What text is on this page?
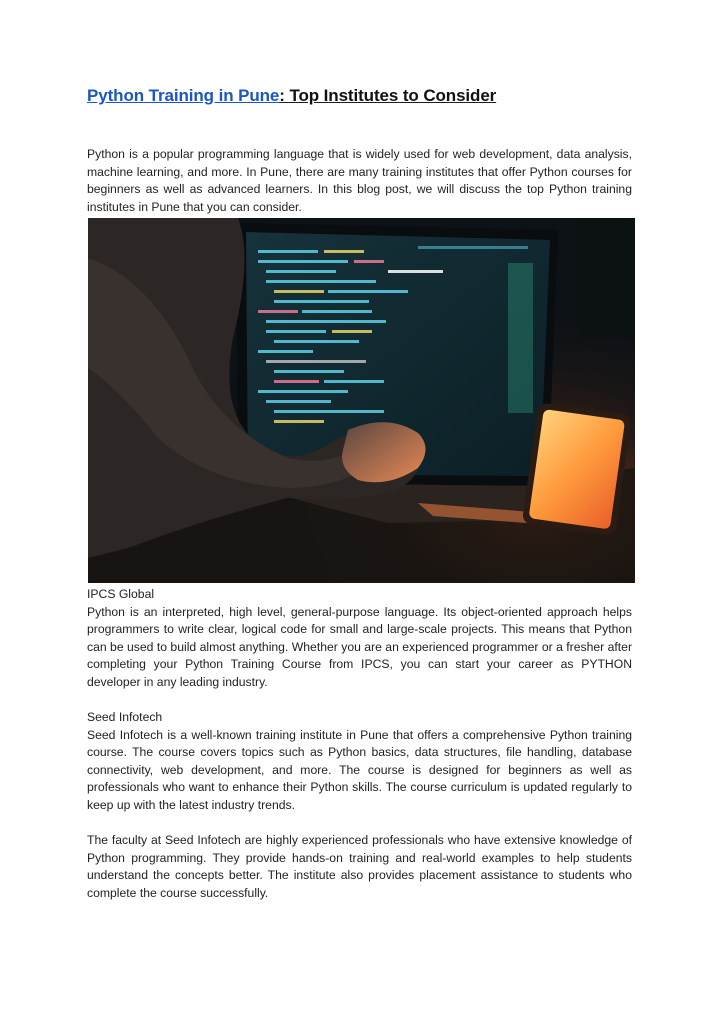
Python Training in Pune: Top Institutes to Consider

Python is a popular programming language that is widely used for web development, data analysis, machine learning, and more. In Pune, there are many training institutes that offer Python courses for beginners as well as advanced learners. In this blog post, we will discuss the top Python training institutes in Pune that you can consider.

IPCS Global

Python is an interpreted, high level, general-purpose language. Its object-oriented approach helps programmers to write clear, logical code for small and large-scale projects. This means that Python can be used to build almost anything. Whether you are an experienced programmer or a fresher after completing your Python Training Course from IPCS, you can start your career as PYTHON developer in any leading industry.

Seed Infotech

Seed Infotech is a well-known training institute in Pune that offers a comprehensive Python training course. The course covers topics such as Python basics, data structures, file handling, database connectivity, web development, and more. The course is designed for beginners as well as professionals who want to enhance their Python skills. The course curriculum is updated regularly to keep up with the latest industry trends.

The faculty at Seed Infotech are highly experienced professionals who have extensive knowledge of Python programming. They provide hands-on training and real-world examples to help students understand the concepts better. The institute also provides placement assistance to students who complete the course successfully.
